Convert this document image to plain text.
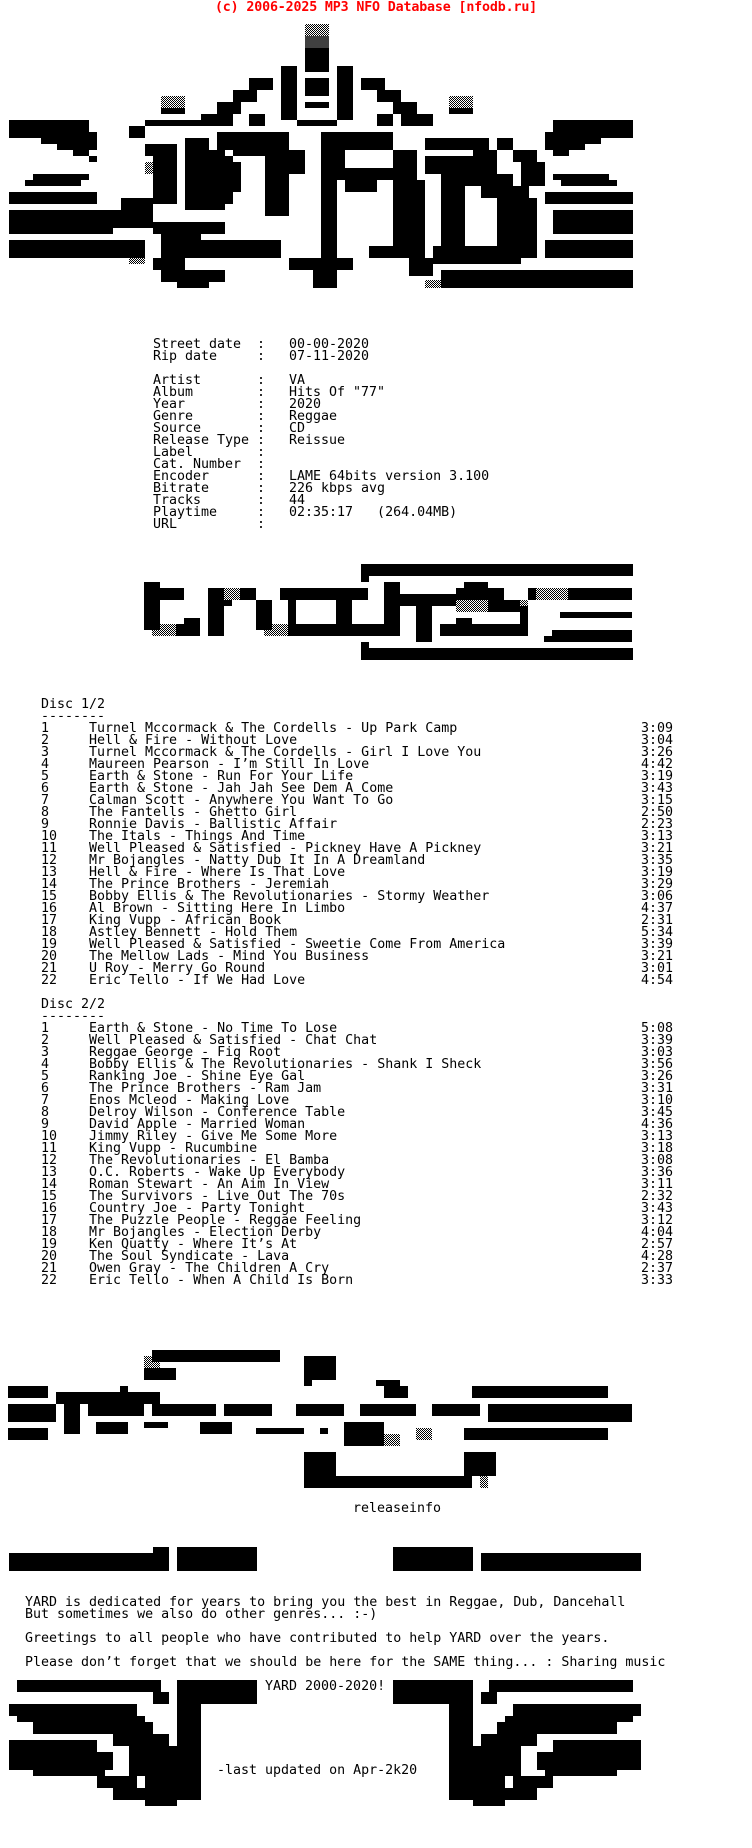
(c) 2006-2025 MP3 NFO Database [nfodb.ru]
Street date : 00-00-2020
Rip date	: 07-11-2020
Artist	: VA
Album	: Hits Of "77"
Year	: 2020
Genre	: Reggae
Source	: CD
Release Type : Reissue
Label	:
Cat. Number :
Encoder	: LAME 64bits version 3.100
Bitrate	: 226 kbps avg
Tracks	: 44
Playtime	: 02:35:17   (264.04MB)
URL	:
Disc 1/2
--------
1	Turnel Mccormack & The Cordells - Up Park Camp	3:09
2	Hell & Fire - Without Love	3:04
3	Turnel Mccormack & The Cordells - Girl I Love You	3:26
4	Maureen Pearson - I’m Still In Love	4:42
5	Earth & Stone - Run For Your Life	3:19
6	Earth & Stone - Jah Jah See Dem A Come	3:43
7	Calman Scott - Anywhere You Want To Go	3:15
8	The Fantells - Ghetto Girl	2:50
9	Ronnie Davis - Ballistic Affair	2:23
10 The Itals - Things And Time	3:13
11 Well Pleased & Satisfied - Pickney Have A Pickney	3:21
12 Mr Bojangles - Natty Dub It In A Dreamland	3:35
13 Hell & Fire - Where Is That Love	3:19
14 The Prince Brothers - Jeremiah	3:29
15 Bobby Ellis & The Revolutionaries - Stormy Weather	3:06
16 Al Brown - Sitting Here In Limbo	4:37
17 King Vupp - African Book	2:31
18 Astley Bennett - Hold Them	5:34
19 Well Pleased & Satisfied - Sweetie Come From America	3:39
20 The Mellow Lads - Mind You Business	3:21
21 U Roy - Merry Go Round	3:01
22 Eric Tello - If We Had Love	4:54
Disc 2/2
--------
1	Earth & Stone - No Time To Lose	5:08
2	Well Pleased & Satisfied - Chat Chat	3:39
3	Reggae George - Fig Root	3:03
4	Bobby Ellis & The Revolutionaries - Shank I Sheck	3:56
5	Ranking Joe - Shine Eye Gal	3:26
6	The Prince Brothers - Ram Jam	3:31
7	Enos Mcleod - Making Love	3:10
8	Delroy Wilson - Conference Table	3:45
9	David Apple - Married Woman	4:36
10 Jimmy Riley - Give Me Some More	3:13
11 King Vupp - Rucumbine	3:18
12 The Revolutionaries - El Bamba	3:08
13 O.C. Roberts - Wake Up Everybody	3:36
14 Roman Stewart - An Aim In View	3:11
15 The Survivors - Live Out The 70s	2:32
16 Country Joe - Party Tonight	3:43
17 The Puzzle People - Reggae Feeling	3:12
18 Mr Bojangles - Election Derby	4:04
19 Ken Quatty - Where It’s At	2:57
20 The Soul Syndicate - Lava	4:28
21 Owen Gray - The Children A Cry	2:37
22 Eric Tello - When A Child Is Born	3:33
releaseinfo
YARD is dedicated for years to bring you the best in Reggae, Dub, Dancehall
But sometimes we also do other genres... :-)
Greetings to all people who have contributed to help YARD over the years.
Please don’t forget that we should be here for the SAME thing... : Sharing music
YARD 2000-2020!
-last updated on Apr-2k20
